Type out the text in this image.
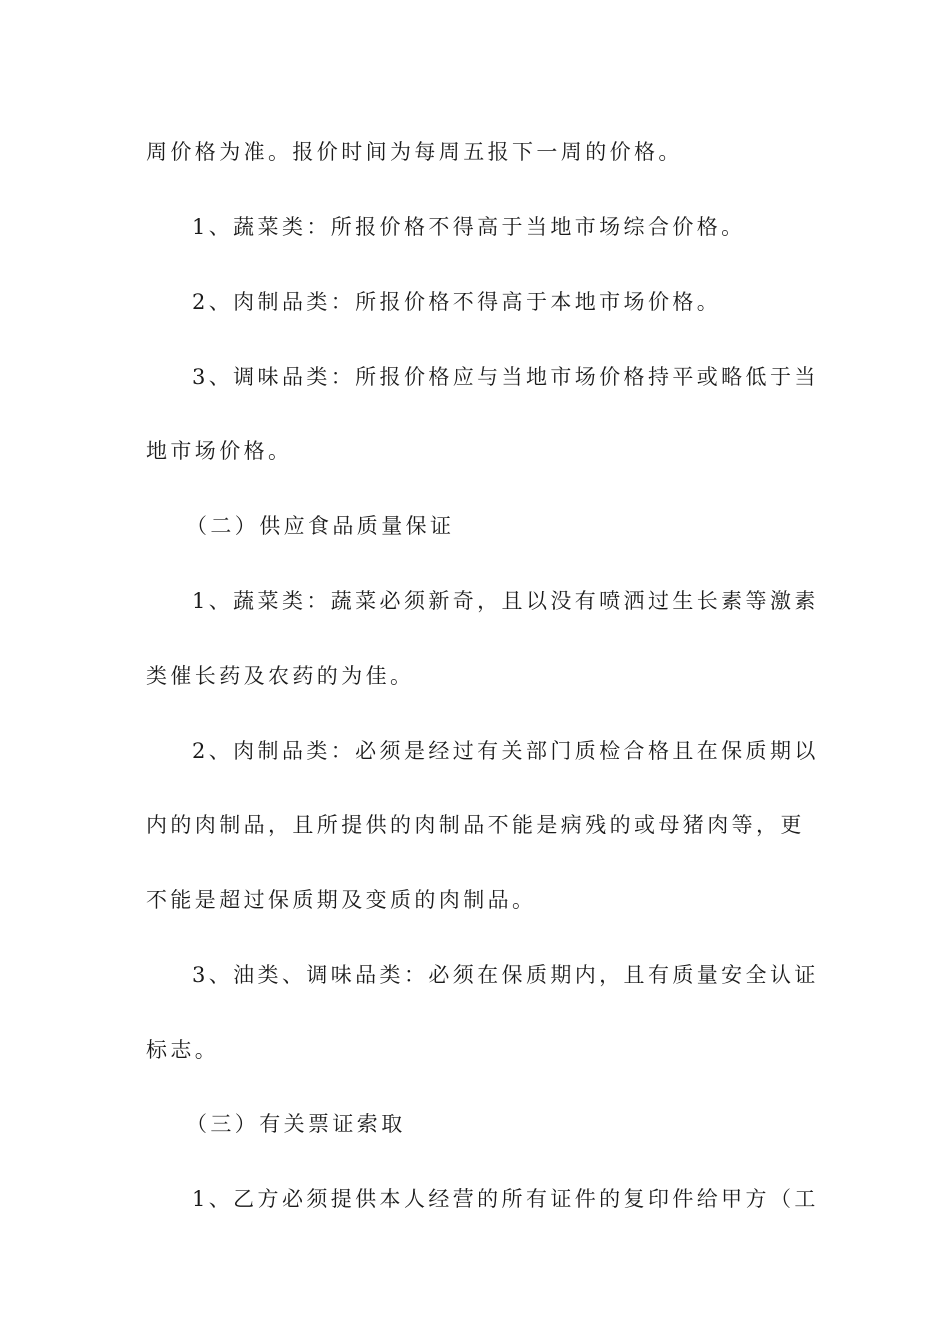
周价格为准。报价时间为每周五报下一周的价格。
1、蔬菜类：所报价格不得高于当地市场综合价格。
2、肉制品类：所报价格不得高于本地市场价格。
3、调味品类：所报价格应与当地市场价格持平或略低于当
地市场价格。
（二）供应食品质量保证
1、蔬菜类：蔬菜必须新奇，且以没有喷洒过生长素等激素
类催长药及农药的为佳。
2、肉制品类：必须是经过有关部门质检合格且在保质期以
内的肉制品，且所提供的肉制品不能是病残的或母猪肉等，更
不能是超过保质期及变质的肉制品。
3、油类、调味品类：必须在保质期内，且有质量安全认证
标志。
（三）有关票证索取
1、乙方必须提供本人经营的所有证件的复印件给甲方（工
